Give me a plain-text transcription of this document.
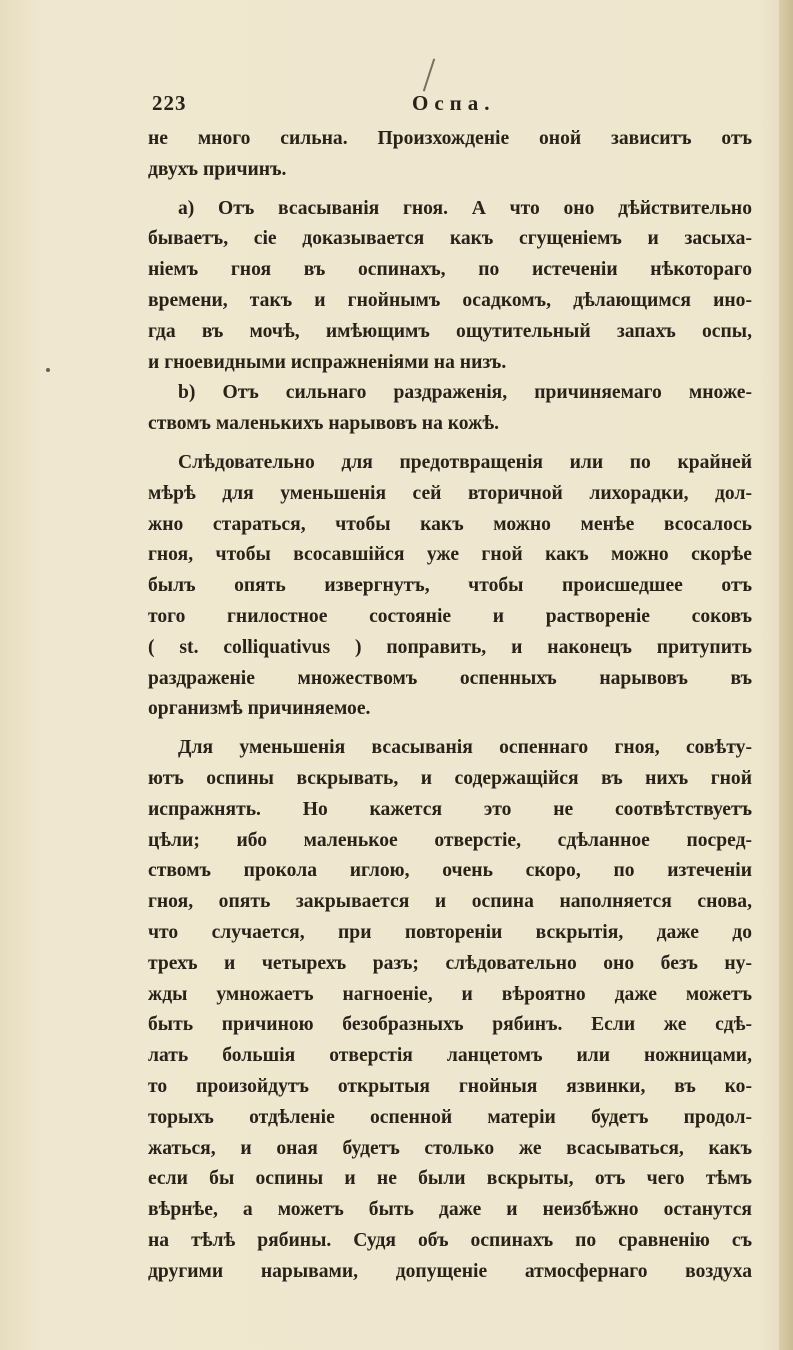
223	Оспа.
не много сильна. Произхожденіе оной зависитъ отъ
двухъ причинъ.
a) Отъ всасыванія гноя. А что оно дѣйствительно
бываетъ, сіе доказывается какъ сгущеніемъ и засыха-
ніемъ гноя въ оспинахъ, по истеченіи нѣкотораго
времени, такъ и гнойнымъ осадкомъ, дѣлающимся ино-
гда въ мочѣ, имѣющимъ ощутительный запахъ оспы,
и гноевидными испражненіями на низъ.
b) Отъ сильнаго раздраженія, причиняемаго множе-
ствомъ маленькихъ нарывовъ на кожѣ.
Слѣдовательно для предотвращенія или по крайней
мѣрѣ для уменьшенія сей вторичной лихорадки, дол-
жно стараться, чтобы какъ можно менѣе всосалось
гноя, чтобы всосавшійся уже гной какъ можно скорѣе
былъ опять извергнутъ, чтобы происшедшее отъ
того гнилостное состояніе и раствореніе соковъ
( st. colliquativus ) поправить, и наконецъ притупить
раздраженіе множествомъ оспенныхъ нарывовъ въ
организмѣ причиняемое.
Для уменьшенія всасыванія оспеннаго гноя, совѣту-
ютъ оспины вскрывать, и содержащійся въ нихъ гной
испражнять. Но кажется это не соотвѣтствуетъ
цѣли; ибо маленькое отверстіе, сдѣланное посред-
ствомъ прокола иглою, очень скоро, по изтеченіи
гноя, опять закрывается и оспина наполняется снова,
что случается, при повтореніи вскрытія, даже до
трехъ и четырехъ разъ; слѣдовательно оно безъ ну-
жды умножаетъ нагноеніе, и вѣроятно даже можетъ
быть причиною безобразныхъ рябинъ. Если же сдѣ-
лать большія отверстія ланцетомъ или ножницами,
то произойдутъ открытыя гнойныя язвинки, въ ко-
торыхъ отдѣленіе оспенной матеріи будетъ продол-
жаться, и оная будетъ столько же всасываться, какъ
если бы оспины и не были вскрыты, отъ чего тѣмъ
вѣрнѣе, а можетъ быть даже и неизбѣжно останутся
на тѣлѣ рябины. Судя объ оспинахъ по сравненію съ
другими нарывами, допущеніе атмосфернаго воздуха
